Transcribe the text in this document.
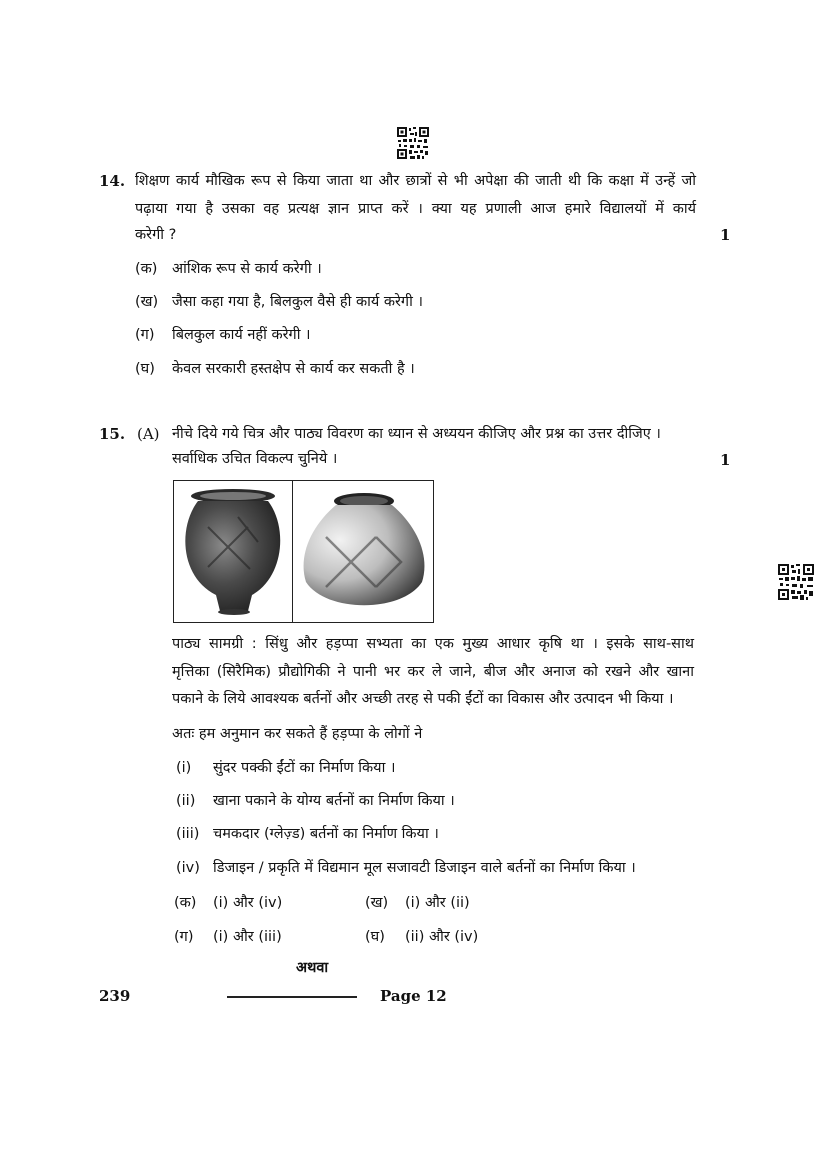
14. शिक्षण कार्य मौखिक रूप से किया जाता था और छात्रों से भी अपेक्षा की जाती थी कि कक्षा में उन्हें जो
पढ़ाया गया है उसका वह प्रत्यक्ष ज्ञान प्राप्त करें । क्या यह प्रणाली आज हमारे विद्यालयों में कार्य
करेगी ?	1
(क) आंशिक रूप से कार्य करेगी ।
(ख) जैसा कहा गया है, बिलकुल वैसे ही कार्य करेगी ।
(ग) बिलकुल कार्य नहीं करेगी ।
(घ) केवल सरकारी हस्तक्षेप से कार्य कर सकती है ।
15. (A) नीचे दिये गये चित्र और पाठ्य विवरण का ध्यान से अध्ययन कीजिए और प्रश्न का उत्तर दीजिए ।
सर्वाधिक उचित विकल्प चुनिये ।	1
पाठ्य सामग्री : सिंधु और हड़प्पा सभ्यता का एक मुख्य आधार कृषि था । इसके साथ-साथ
मृत्तिका (सिरैमिक) प्रौद्योगिकी ने पानी भर कर ले जाने, बीज और अनाज को रखने और खाना
पकाने के लिये आवश्यक बर्तनों और अच्छी तरह से पकी ईंटों का विकास और उत्पादन भी किया ।
अतः हम अनुमान कर सकते हैं हड़प्पा के लोगों ने
(i) सुंदर पक्की ईंटों का निर्माण किया ।
(ii) खाना पकाने के योग्य बर्तनों का निर्माण किया ।
(iii) चमकदार (ग्लेज़्ड) बर्तनों का निर्माण किया ।
(iv) डिजाइन / प्रकृति में विद्यमान मूल सजावटी डिजाइन वाले बर्तनों का निर्माण किया ।
(क) (i) और (iv)	(ख) (i) और (ii)
(ग) (i) और (iii)	(घ) (ii) और (iv)
अथवा
239	Page 12
